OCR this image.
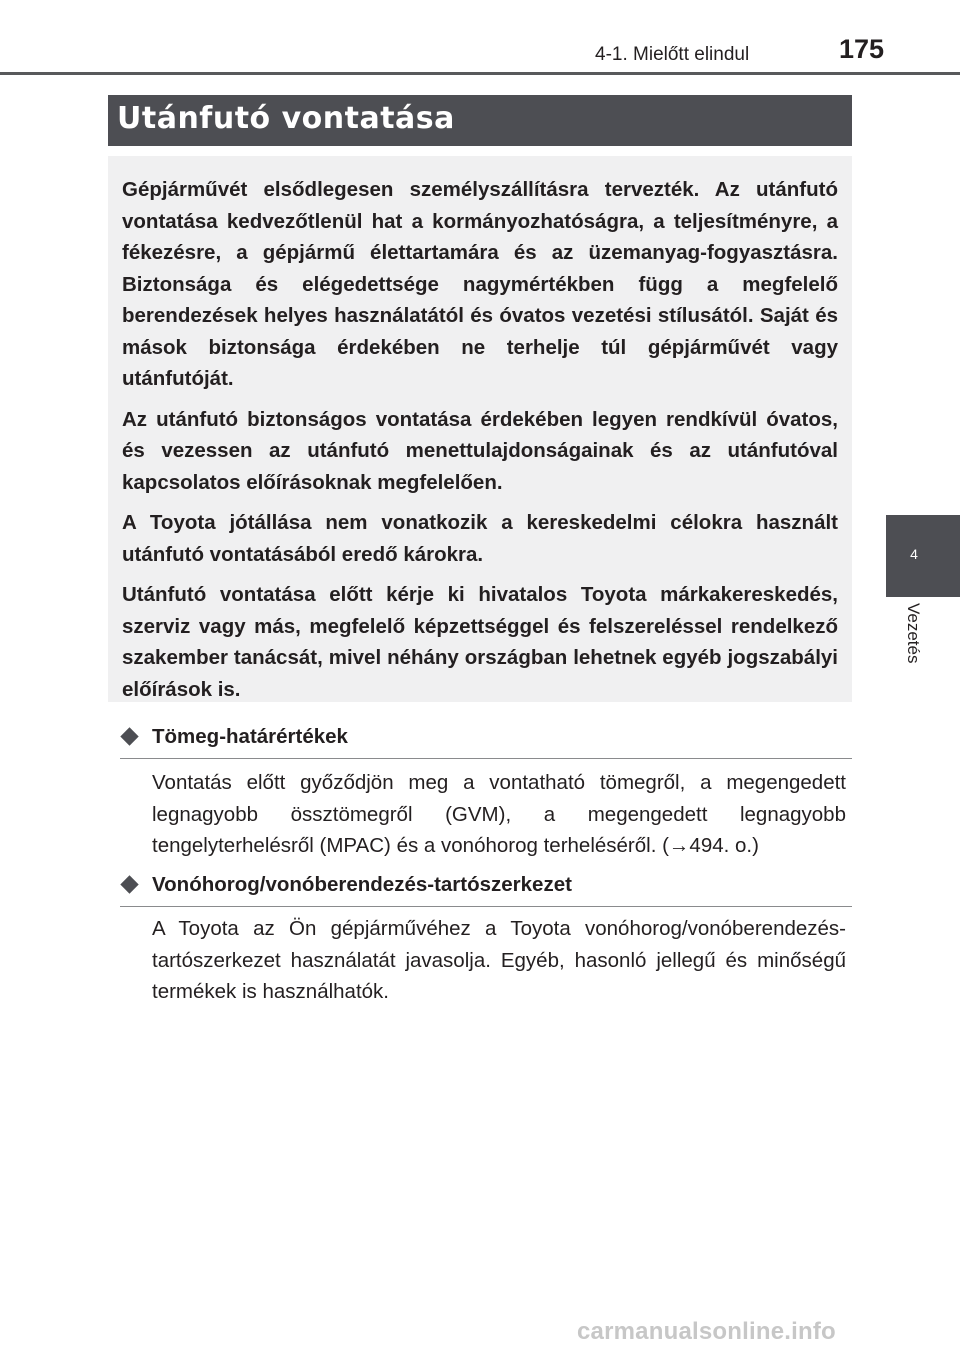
4-1. Mielőtt elindul	175
Utánfutó vontatása

Gépjárművét elsődlegesen személyszállításra tervezték. Az utánfutó vontatása kedvezőtlenül hat a kormányozhatóságra, a teljesítményre, a fékezésre, a gépjármű élettartamára és az üzemanyag-fogyasztásra. Biztonsága és elégedettsége nagymértékben függ a megfelelő berendezések helyes használatától és óvatos vezetési stílusától. Saját és mások biztonsága érdekében ne terhelje túl gépjárművét vagy utánfutóját.

Az utánfutó biztonságos vontatása érdekében legyen rendkívül óvatos, és vezessen az utánfutó menettulajdonságainak és az utánfutóval kapcsolatos előírásoknak megfelelően.

A Toyota jótállása nem vonatkozik a kereskedelmi célokra használt utánfutó vontatásából eredő károkra.

Utánfutó vontatása előtt kérje ki hivatalos Toyota márkakereskedés, szerviz vagy más, megfelelő képzettséggel és felszereléssel rendelkező szakember tanácsát, mivel néhány országban lehetnek egyéb jogszabályi előírások is.

Tömeg-határértékek

Vontatás előtt győződjön meg a vontatható tömegről, a megengedett legnagyobb össztömegről (GVM), a megengedett legnagyobb tengelyterhelésről (MPAC) és a vonóhorog terheléséről. (→494. o.)

Vonóhorog/vonóberendezés-tartószerkezet

A Toyota az Ön gépjárművéhez a Toyota vonóhorog/vonóberendezés-tartószerkezet használatát javasolja. Egyéb, hasonló jellegű és minőségű termékek is használhatók.

4
Vezetés
carmanualsonline.info
